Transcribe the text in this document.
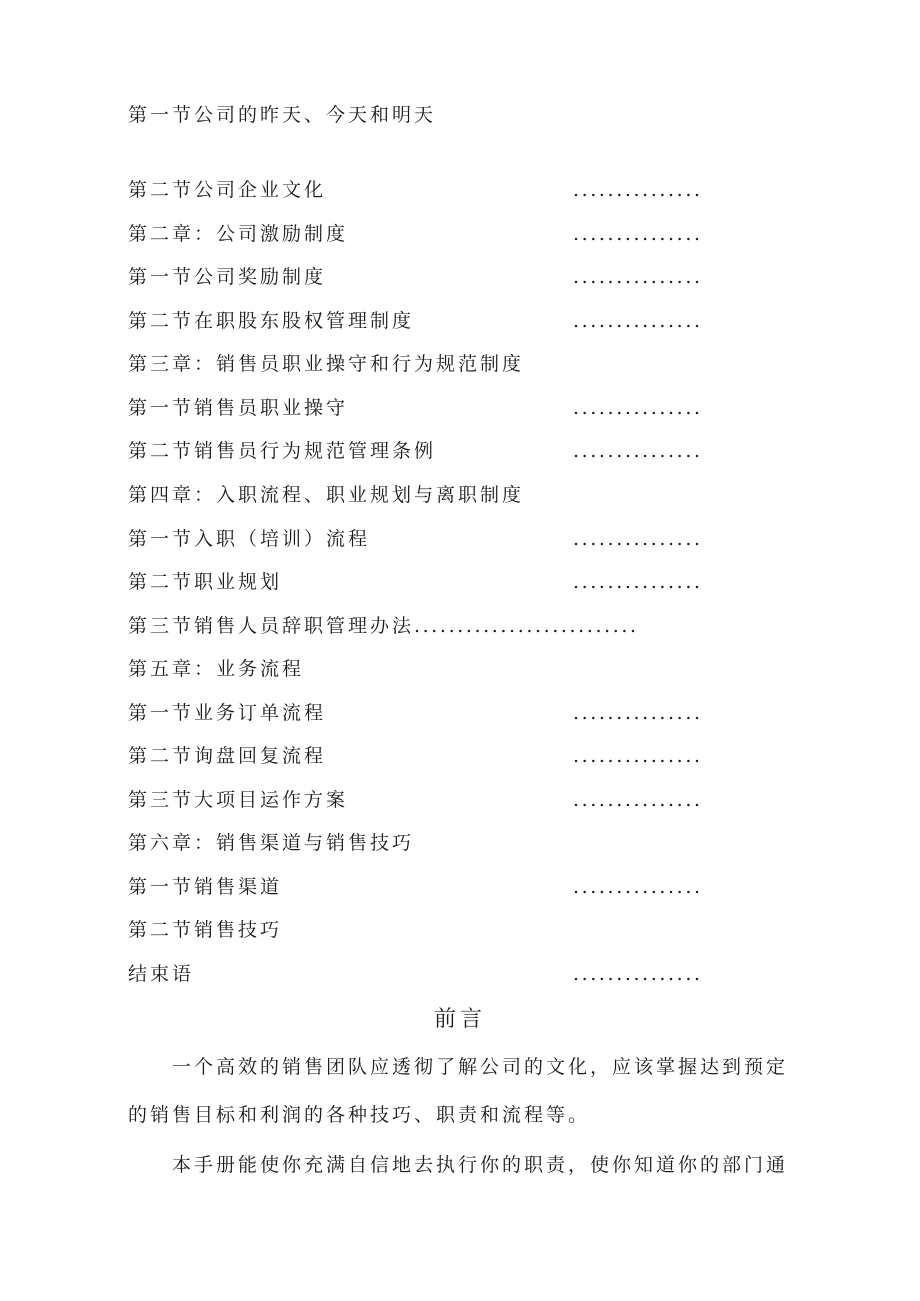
第一节公司的昨天、今天和明天
第二节公司企业文化	...............
第二章：公司激励制度	...............
第一节公司奖励制度	...............
第二节在职股东股权管理制度	...............
第三章：销售员职业操守和行为规范制度
第一节销售员职业操守	...............
第二节销售员行为规范管理条例	...............
第四章：入职流程、职业规划与离职制度
第一节入职（培训）流程	...............
第二节职业规划	...............
第三节销售人员辞职管理办法..........................
第五章：业务流程
第一节业务订单流程	...............
第二节询盘回复流程	...............
第三节大项目运作方案	...............
第六章：销售渠道与销售技巧
第一节销售渠道	...............
第二节销售技巧
结束语	...............
前言
一个高效的销售团队应透彻了解公司的文化，应该掌握达到预定
的销售目标和利润的各种技巧、职责和流程等。
本手册能使你充满自信地去执行你的职责，使你知道你的部门通
